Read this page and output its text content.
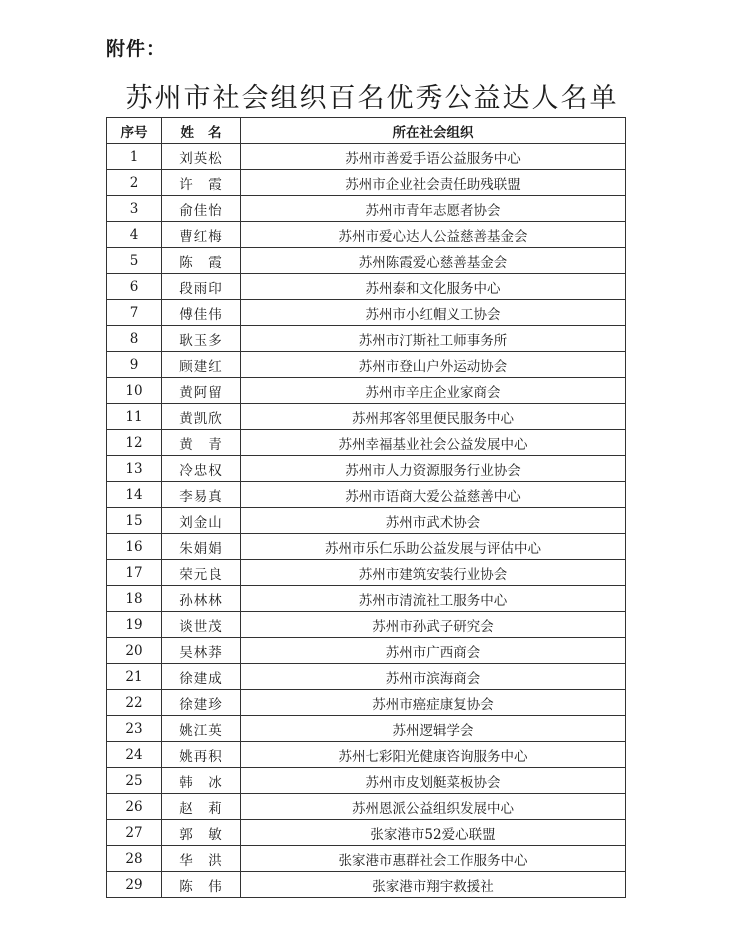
附件：
苏州市社会组织百名优秀公益达人名单
序号	姓名	所在社会组织
1	刘英松	苏州市善爱手语公益服务中心
2	许　霞	苏州市企业社会责任助残联盟
3	俞佳怡	苏州市青年志愿者协会
4	曹红梅	苏州市爱心达人公益慈善基金会
5	陈　霞	苏州陈霞爱心慈善基金会
6	段雨印	苏州泰和文化服务中心
7	傅佳伟	苏州市小红帽义工协会
8	耿玉多	苏州市汀斯社工师事务所
9	顾建红	苏州市登山户外运动协会
10	黄阿留	苏州市辛庄企业家商会
11	黄凯欣	苏州邦客邻里便民服务中心
12	黄　青	苏州幸福基业社会公益发展中心
13	冷忠权	苏州市人力资源服务行业协会
14	李易真	苏州市语商大爱公益慈善中心
15	刘金山	苏州市武术协会
16	朱娟娟	苏州市乐仁乐助公益发展与评估中心
17	荣元良	苏州市建筑安装行业协会
18	孙林林	苏州市清流社工服务中心
19	谈世茂	苏州市孙武子研究会
20	吴林莽	苏州市广西商会
21	徐建成	苏州市滨海商会
22	徐建珍	苏州市癌症康复协会
23	姚江英	苏州逻辑学会
24	姚再积	苏州七彩阳光健康咨询服务中心
25	韩　冰	苏州市皮划艇菜板协会
26	赵　莉	苏州恩派公益组织发展中心
27	郭　敏	张家港市52爱心联盟
28	华　洪	张家港市惠群社会工作服务中心
29	陈　伟	张家港市翔宇救援社
